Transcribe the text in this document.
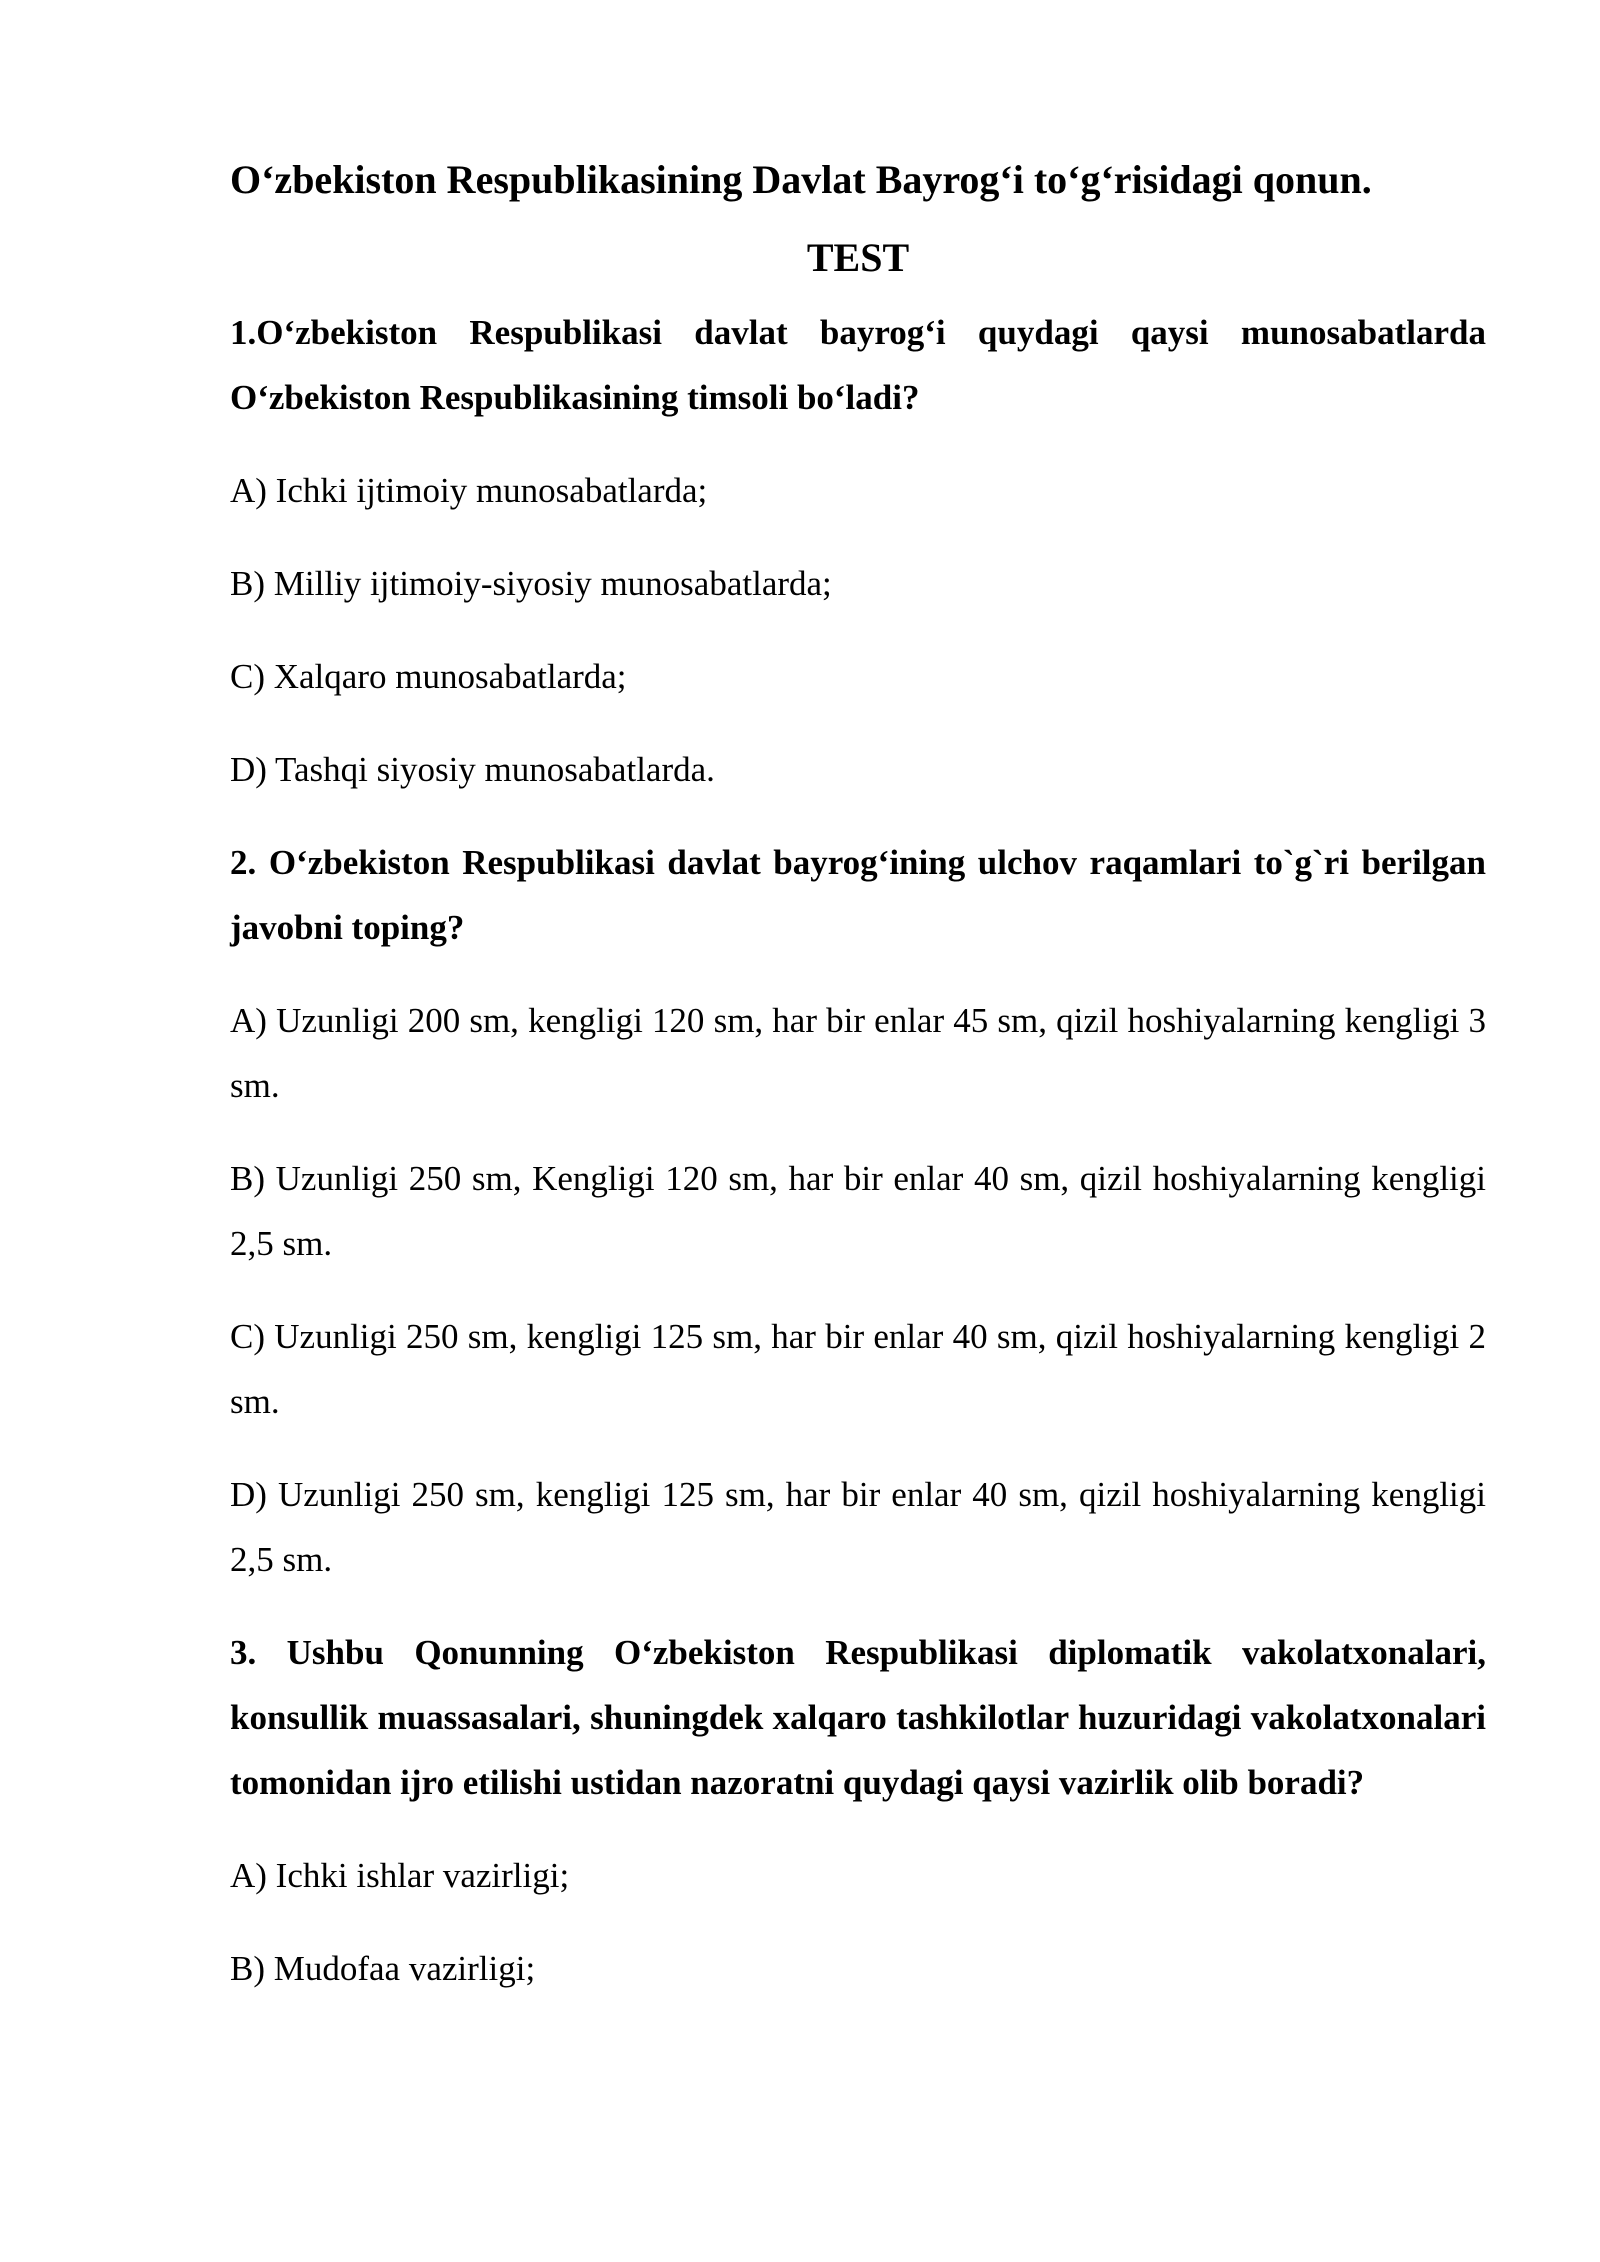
O‘zbekiston Respublikasining Davlat Bayrog‘i to‘g‘risidagi qonun.

TEST

1.O‘zbekiston Respublikasi davlat bayrog‘i quydagi qaysi munosabatlarda O‘zbekiston Respublikasining timsoli bo‘ladi?

A) Ichki ijtimoiy munosabatlarda;

B) Milliy ijtimoiy-siyosiy munosabatlarda;

C) Xalqaro munosabatlarda;

D) Tashqi siyosiy munosabatlarda.

2. O‘zbekiston Respublikasi davlat bayrog‘ining ulchov raqamlari to`g`ri berilgan javobni toping?

A) Uzunligi 200 sm, kengligi 120 sm, har bir enlar 45 sm, qizil hoshiyalarning kengligi 3 sm.

B) Uzunligi 250 sm, Kengligi 120 sm, har bir enlar 40 sm, qizil hoshiyalarning kengligi 2,5 sm.

C) Uzunligi 250 sm, kengligi 125 sm, har bir enlar 40 sm, qizil hoshiyalarning kengligi 2 sm.

D) Uzunligi 250 sm, kengligi 125 sm, har bir enlar 40 sm, qizil hoshiyalarning kengligi 2,5 sm.

3. Ushbu Qonunning O‘zbekiston Respublikasi diplomatik vakolatxonalari, konsullik muassasalari, shuningdek xalqaro tashkilotlar huzuridagi vakolatxonalari tomonidan ijro etilishi ustidan nazoratni quydagi qaysi vazirlik olib boradi?

A) Ichki ishlar vazirligi;

B) Mudofaa vazirligi;
